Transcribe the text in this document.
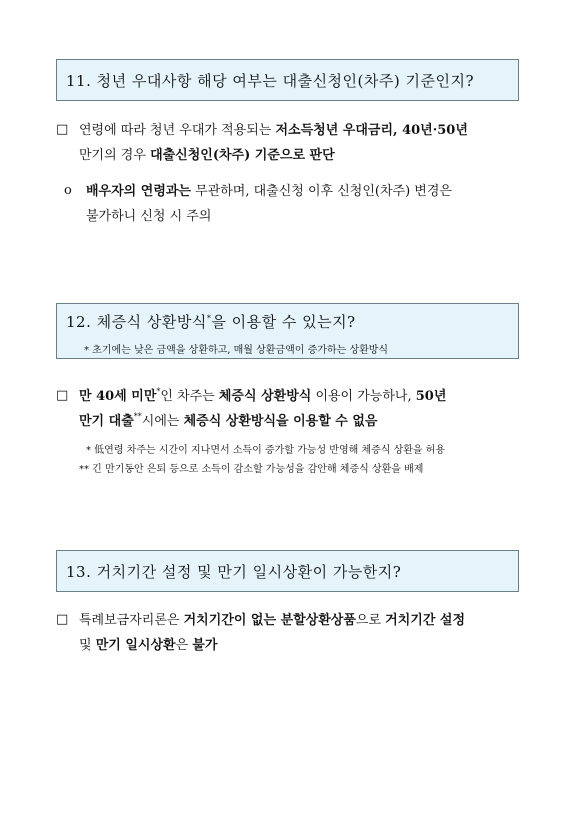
11. 청년 우대사항 해당 여부는 대출신청인(차주) 기준인지?
□ 연령에 따라 청년 우대가 적용되는 저소득청년 우대금리, 40년·50년
만기의 경우 대출신청인(차주) 기준으로 판단
o 배우자의 연령과는 무관하며, 대출신청 이후 신청인(차주) 변경은
불가하니 신청 시 주의
12. 체증식 상환방식*을 이용할 수 있는지?
* 초기에는 낮은 금액을 상환하고, 매월 상환금액이 증가하는 상환방식
□ 만 40세 미만*인 차주는 체증식 상환방식 이용이 가능하나, 50년
만기 대출**시에는 체증식 상환방식을 이용할 수 없음
* 低연령 차주는 시간이 지나면서 소득이 증가할 가능성 반영해 체증식 상환을 허용
** 긴 만기동안 은퇴 등으로 소득이 감소할 가능성을 감안해 체증식 상환을 배제
13. 거치기간 설정 및 만기 일시상환이 가능한지?
□ 특례보금자리론은 거치기간이 없는 분할상환상품으로 거치기간 설정
및 만기 일시상환은 불가
